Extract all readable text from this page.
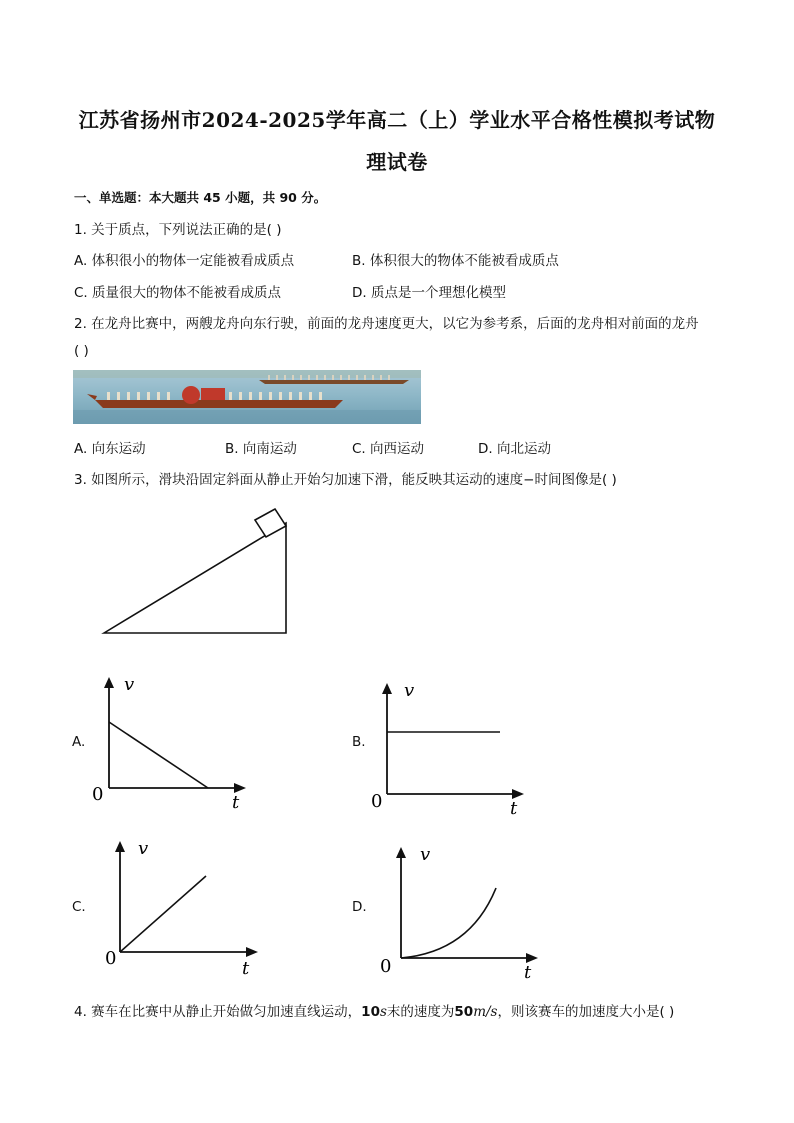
江苏省扬州市2024-2025学年高二（上）学业水平合格性模拟考试物
理试卷
一、单选题：本大题共 45 小题，共 90 分。
1. 关于质点，下列说法正确的是( )
A. 体积很小的物体一定能被看成质点	B. 体积很大的物体不能被看成质点
C. 质量很大的物体不能被看成质点	D. 质点是一个理想化模型
2. 在龙舟比赛中，两艘龙舟向东行驶，前面的龙舟速度更大，以它为参考系，后面的龙舟相对前面的龙舟
( )
A. 向东运动	B. 向南运动	C. 向西运动	D. 向北运动
3. 如图所示，滑块沿固定斜面从静止开始匀加速下滑，能反映其运动的速度−时间图像是( )
A.	B.
C.	D.
v
t
0
v
t
0
v
t
0
v
t
0
4. 赛车在比赛中从静止开始做匀加速直线运动，10s末的速度为50m/s，则该赛车的加速度大小是( )
